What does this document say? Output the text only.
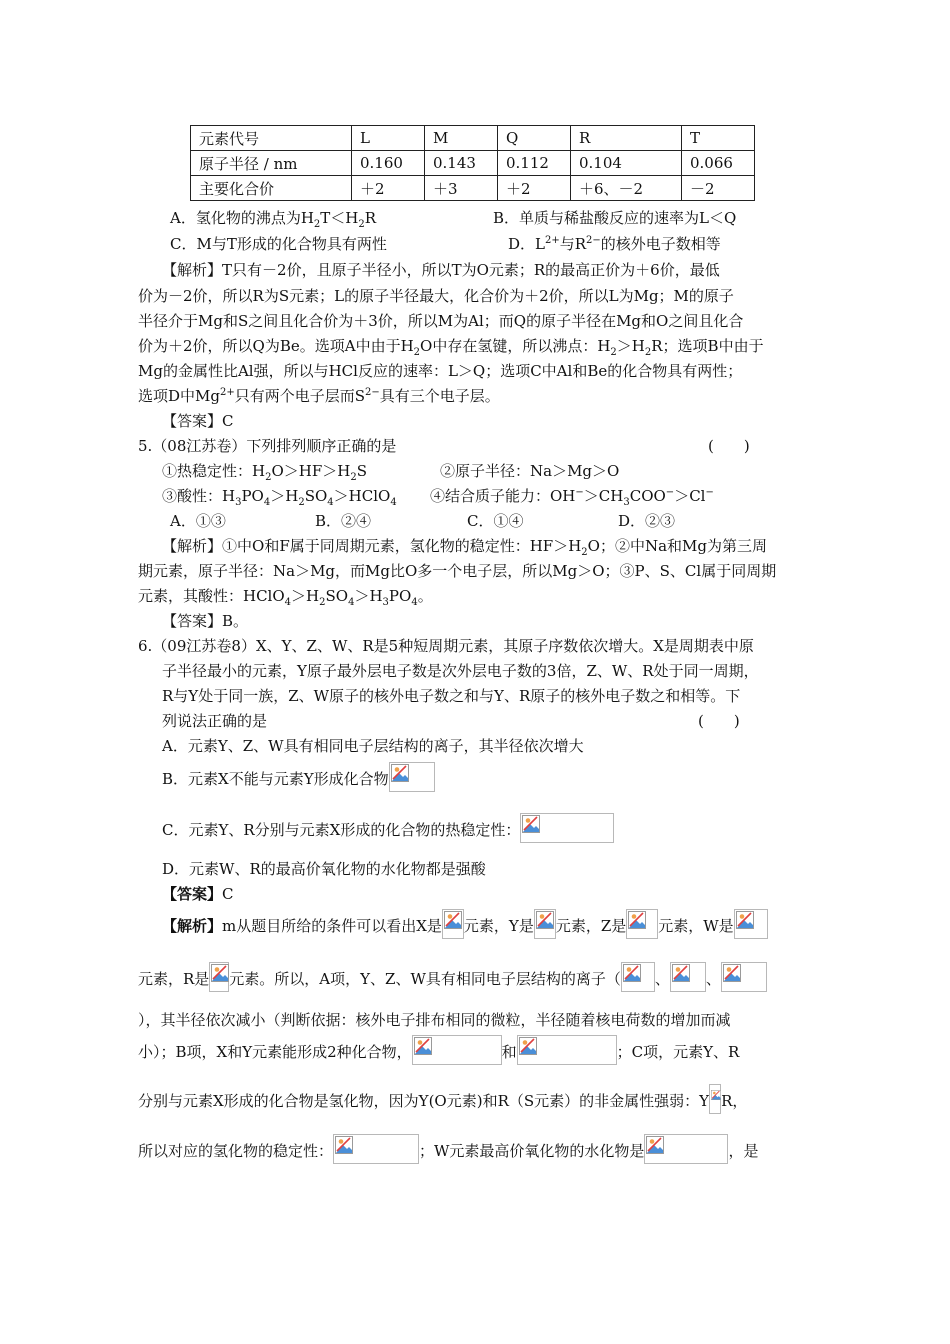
元素代号	L	M	Q	R	T
原子半径 / nm	0.160	0.143	0.112	0.104	0.066
主要化合价	＋2	＋3	＋2	＋6、－2	－2
A．氢化物的沸点为$H_2T<H_2R$	B．单质与稀盐酸反应的速率为L＜Q
C．M与T形成的化合物具有两性	D．$L^{2+}$与$R^{2-}$的核外电子数相等
【解析】T只有－2价，且原子半径小，所以T为O元素；R的最高正价为＋6价，最低
价为－2价，所以R为S元素；L的原子半径最大，化合价为＋2价，所以L为Mg；M的原子
半径介于Mg和S之间且化合价为＋3价，所以M为Al；而Q的原子半径在Mg和O之间且化合
价为＋2价，所以Q为Be。选项A中由于$H_2O$中存在氢键，所以沸点：$H_2>H_2R$；选项B中由于
Mg的金属性比Al强，所以与HCl反应的速率：L＞Q；选项C中Al和Be的化合物具有两性；
选项D中$Mg^{2+}$只有两个电子层而$S^{2-}$具有三个电子层。
【答案】C
5.（08江苏卷）下列排列顺序正确的是	(　　)
①热稳定性：$H_2O>HF>H_2S$	②原子半径：Na＞Mg＞O
③酸性：$H_3PO_4>H_2SO_4>HClO_4$ ④结合质子能力：$OH^->CH_3COO^->Cl^-$
A．①③	B．②④	C．①④	D．②③
【解析】①中O和F属于同周期元素，氢化物的稳定性：$HF>H_2O$；②中Na和Mg为第三周
期元素，原子半径：Na＞Mg，而Mg比O多一个电子层，所以Mg＞O；③P、S、Cl属于同周期
元素，其酸性：$HClO_4>H_2SO_4>H_3PO_4$。
【答案】B。
6.（09江苏卷8）X、Y、Z、W、R是5种短周期元素，其原子序数依次增大。X是周期表中原
子半径最小的元素，Y原子最外层电子数是次外层电子数的3倍，Z、W、R处于同一周期，
R与Y处于同一族，Z、W原子的核外电子数之和与Y、R原子的核外电子数之和相等。下
列说法正确的是	(　　)
A．元素Y、Z、W具有相同电子层结构的离子，其半径依次增大
B．元素X不能与元素Y形成化合物
C．元素Y、R分别与元素X形成的化合物的热稳定性：
D．元素W、R的最高价氧化物的水化物都是强酸
【答案】C
【解析】m从题目所给的条件可以看出X是 元素，Y是 元素，Z是 元素，W是
元素，R是 元素。所以，A项，Y、Z、W具有相同电子层结构的离子（ 、 、
），其半径依次减小（判断依据：核外电子排布相同的微粒，半径随着核电荷数的增加而减
小）；B项，X和Y元素能形成2种化合物，	和	；C项，元素Y、R
分别与元素X形成的化合物是氢化物，因为Y(O元素)和R（S元素）的非金属性强弱：Y R，
所以对应的氢化物的稳定性：	；W元素最高价氧化物的水化物是	，是
